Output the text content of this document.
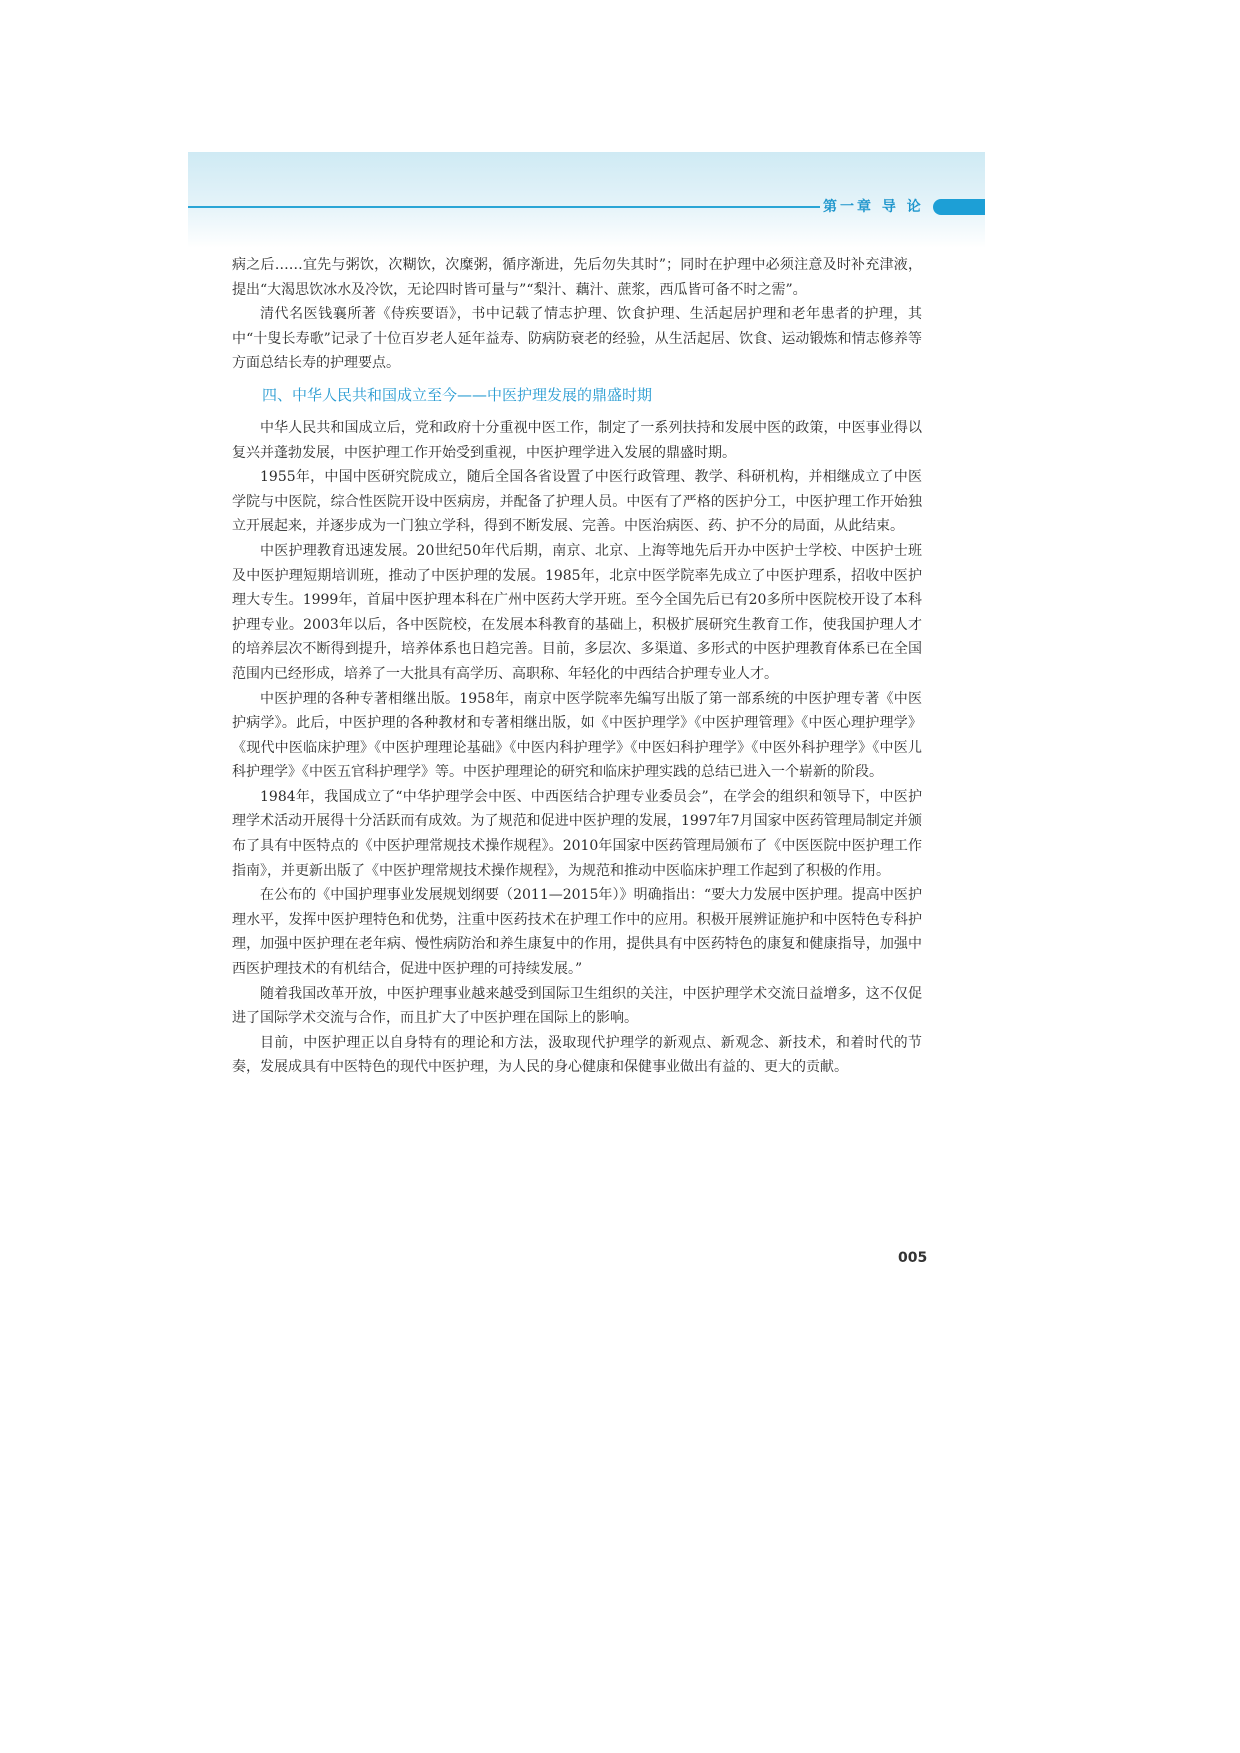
第一章 导 论

病之后……宜先与粥饮，次糊饮，次糜粥，循序渐进，先后勿失其时”；同时在护理中必须注意及时补充津液，提出“大渴思饮冰水及冷饮，无论四时皆可量与”“梨汁、藕汁、蔗浆，西瓜皆可备不时之需”。

清代名医钱襄所著《侍疾要语》，书中记载了情志护理、饮食护理、生活起居护理和老年患者的护理，其中“十叟长寿歌”记录了十位百岁老人延年益寿、防病防衰老的经验，从生活起居、饮食、运动锻炼和情志修养等方面总结长寿的护理要点。

四、中华人民共和国成立至今——中医护理发展的鼎盛时期

中华人民共和国成立后，党和政府十分重视中医工作，制定了一系列扶持和发展中医的政策，中医事业得以复兴并蓬勃发展，中医护理工作开始受到重视，中医护理学进入发展的鼎盛时期。

1955年，中国中医研究院成立，随后全国各省设置了中医行政管理、教学、科研机构，并相继成立了中医学院与中医院，综合性医院开设中医病房，并配备了护理人员。中医有了严格的医护分工，中医护理工作开始独立开展起来，并逐步成为一门独立学科，得到不断发展、完善。中医治病医、药、护不分的局面，从此结束。

中医护理教育迅速发展。20世纪50年代后期，南京、北京、上海等地先后开办中医护士学校、中医护士班及中医护理短期培训班，推动了中医护理的发展。1985年，北京中医学院率先成立了中医护理系，招收中医护理大专生。1999年，首届中医护理本科在广州中医药大学开班。至今全国先后已有20多所中医院校开设了本科护理专业。2003年以后，各中医院校，在发展本科教育的基础上，积极扩展研究生教育工作，使我国护理人才的培养层次不断得到提升，培养体系也日趋完善。目前，多层次、多渠道、多形式的中医护理教育体系已在全国范围内已经形成，培养了一大批具有高学历、高职称、年轻化的中西结合护理专业人才。

中医护理的各种专著相继出版。1958年，南京中医学院率先编写出版了第一部系统的中医护理专著《中医护病学》。此后，中医护理的各种教材和专著相继出版，如《中医护理学》《中医护理管理》《中医心理护理学》《现代中医临床护理》《中医护理理论基础》《中医内科护理学》《中医妇科护理学》《中医外科护理学》《中医儿科护理学》《中医五官科护理学》等。中医护理理论的研究和临床护理实践的总结已进入一个崭新的阶段。

1984年，我国成立了“中华护理学会中医、中西医结合护理专业委员会”，在学会的组织和领导下，中医护理学术活动开展得十分活跃而有成效。为了规范和促进中医护理的发展，1997年7月国家中医药管理局制定并颁布了具有中医特点的《中医护理常规技术操作规程》。2010年国家中医药管理局颁布了《中医医院中医护理工作指南》，并更新出版了《中医护理常规技术操作规程》，为规范和推动中医临床护理工作起到了积极的作用。

在公布的《中国护理事业发展规划纲要（2011—2015年）》明确指出：“要大力发展中医护理。提高中医护理水平，发挥中医护理特色和优势，注重中医药技术在护理工作中的应用。积极开展辨证施护和中医特色专科护理，加强中医护理在老年病、慢性病防治和养生康复中的作用，提供具有中医药特色的康复和健康指导，加强中西医护理技术的有机结合，促进中医护理的可持续发展。”

随着我国改革开放，中医护理事业越来越受到国际卫生组织的关注，中医护理学术交流日益增多，这不仅促进了国际学术交流与合作，而且扩大了中医护理在国际上的影响。

目前，中医护理正以自身特有的理论和方法，汲取现代护理学的新观点、新观念、新技术，和着时代的节奏，发展成具有中医特色的现代中医护理，为人民的身心健康和保健事业做出有益的、更大的贡献。

005
